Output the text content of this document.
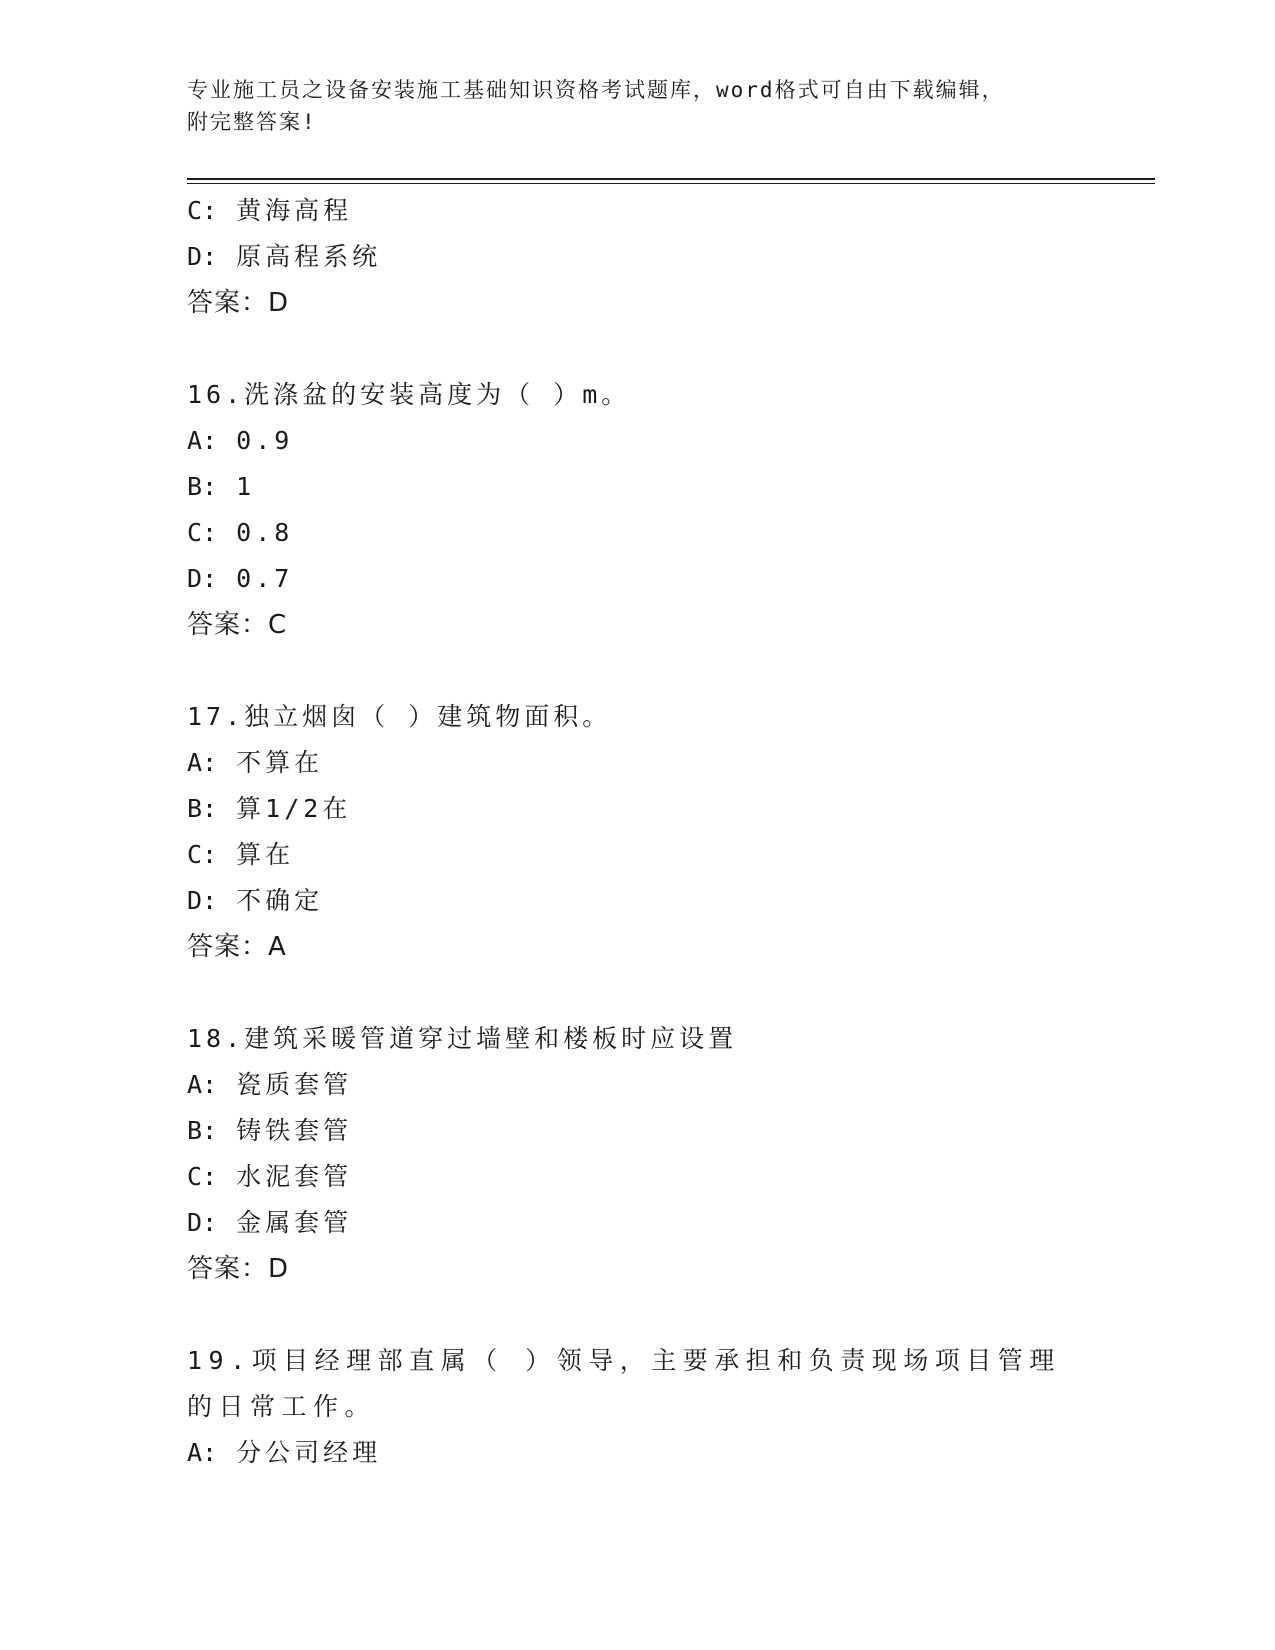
专业施工员之设备安装施工基础知识资格考试题库，word格式可自由下载编辑，
附完整答案!
C: 黄海高程
D: 原高程系统
答案：D
16.洗涤盆的安装高度为（ ）m。
A: 0.9
B: 1
C: 0.8
D: 0.7
答案：C
17.独立烟囱（ ）建筑物面积。
A: 不算在
B: 算1/2在
C: 算在
D: 不确定
答案：A
18.建筑采暖管道穿过墙壁和楼板时应设置
A: 瓷质套管
B: 铸铁套管
C: 水泥套管
D: 金属套管
答案：D
19.项目经理部直属（ ）领导，主要承担和负责现场项目管理的日常工作。
A: 分公司经理
